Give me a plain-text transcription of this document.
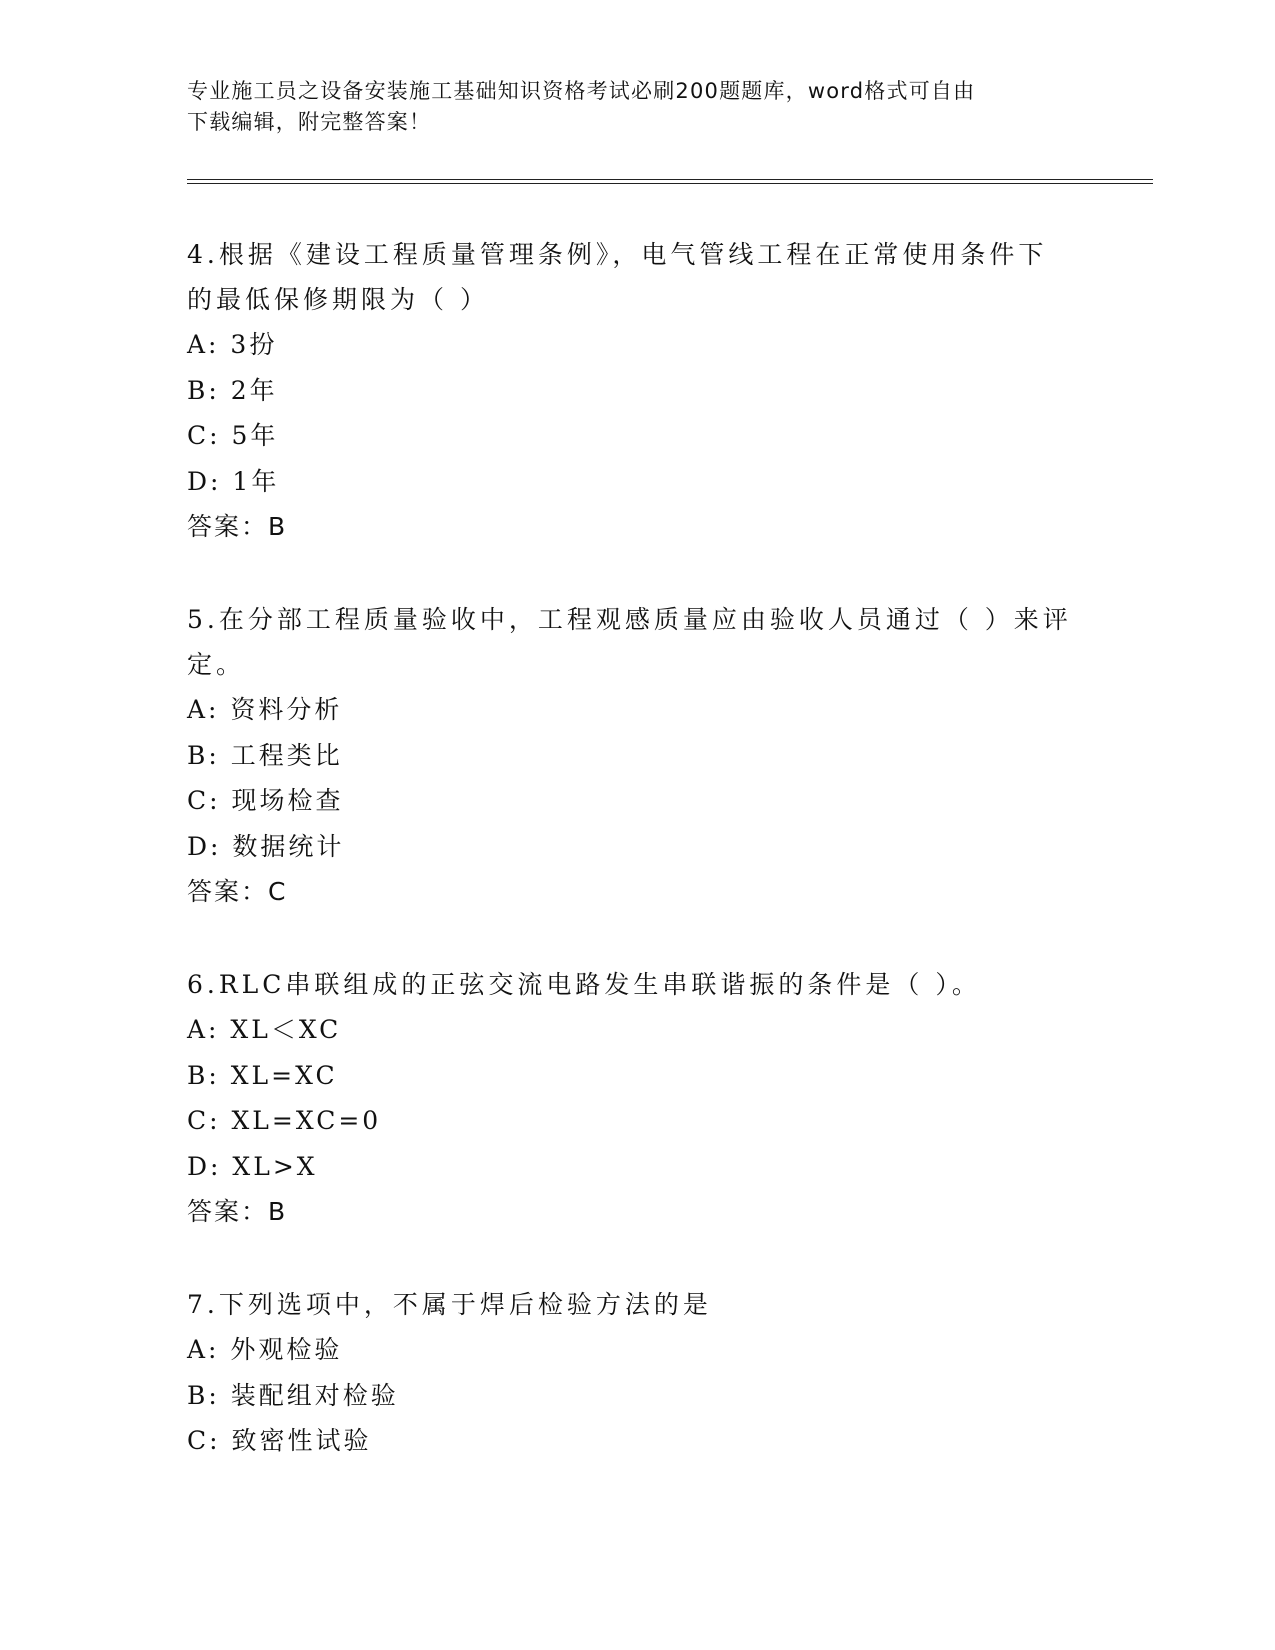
专业施工员之设备安装施工基础知识资格考试必刷200题题库，word格式可自由
下载编辑，附完整答案！

4.根据《建设工程质量管理条例》，电气管线工程在正常使用条件下

的最低保修期限为（ ）

A: 3扮

B: 2年

C: 5年

D: 1年

答案：B

5.在分部工程质量验收中，工程观感质量应由验收人员通过（ ）来评

定。

A: 资料分析

B: 工程类比

C: 现场检查

D: 数据统计

答案：C

6.RLC串联组成的正弦交流电路发生串联谐振的条件是（ ）。

A: XL＜XC

B: XL=XC

C: XL=XC=0

D: XL>X

答案：B

7.下列选项中，不属于焊后检验方法的是

A: 外观检验

B: 装配组对检验

C: 致密性试验
